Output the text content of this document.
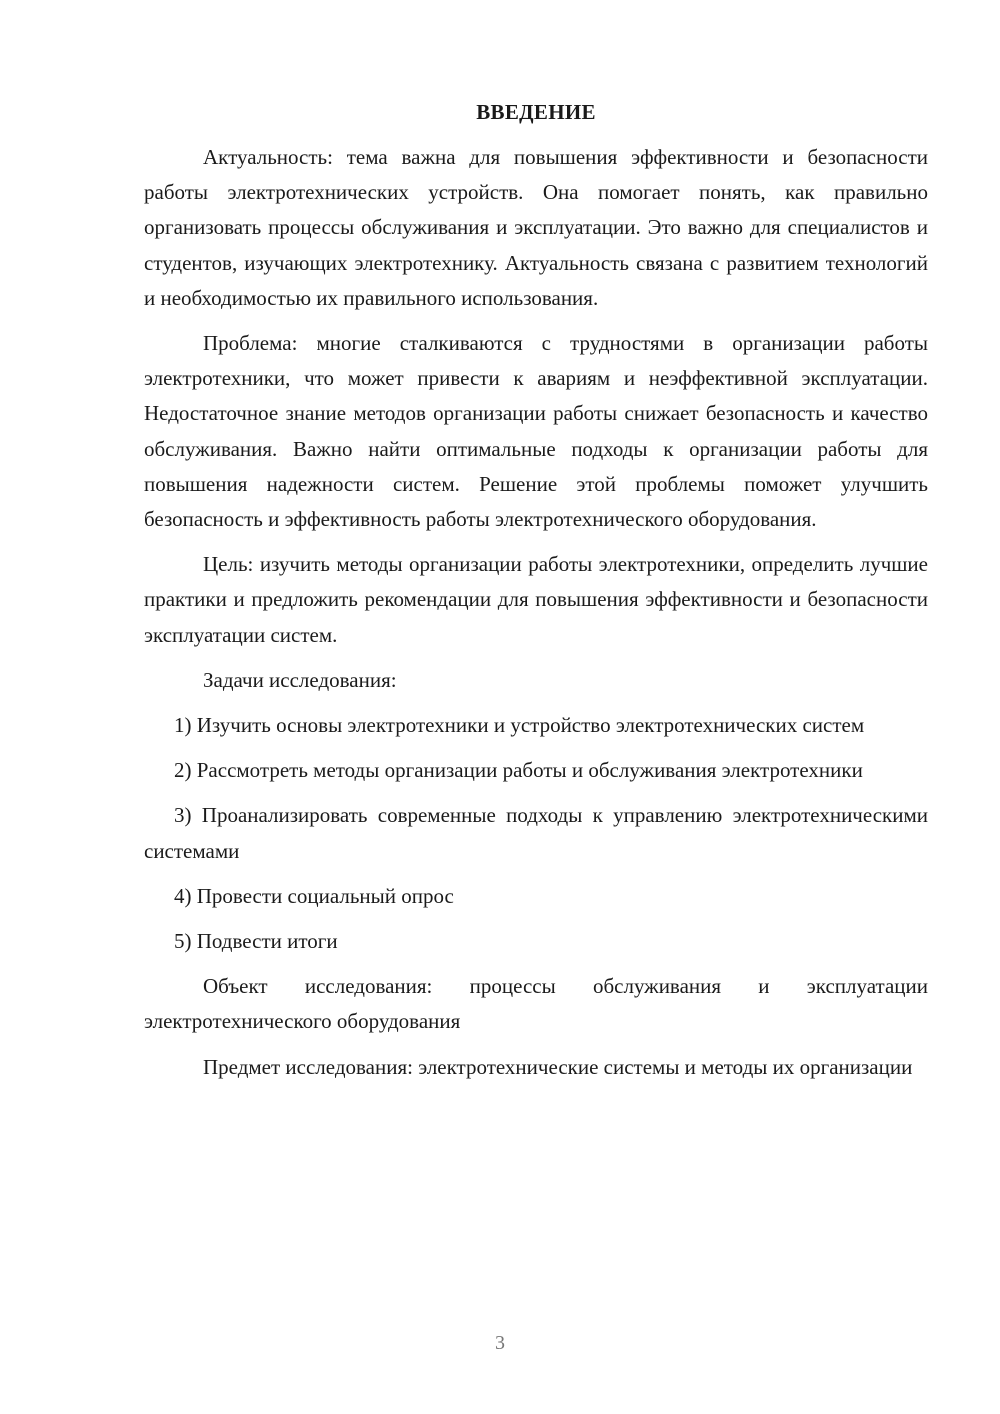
ВВЕДЕНИЕ

Актуальность: тема важна для повышения эффективности и безопасности работы электротехнических устройств. Она помогает понять, как правильно организовать процессы обслуживания и эксплуатации. Это важно для специалистов и студентов, изучающих электротехнику. Актуальность связана с развитием технологий и необходимостью их правильного использования.

Проблема: многие сталкиваются с трудностями в организации работы электротехники, что может привести к авариям и неэффективной эксплуатации. Недостаточное знание методов организации работы снижает безопасность и качество обслуживания. Важно найти оптимальные подходы к организации работы для повышения надежности систем. Решение этой проблемы поможет улучшить безопасность и эффективность работы электротехнического оборудования.

Цель: изучить методы организации работы электротехники, определить лучшие практики и предложить рекомендации для повышения эффективности и безопасности эксплуатации систем.

Задачи исследования:

1) Изучить основы электротехники и устройство электротехнических систем

2) Рассмотреть методы организации работы и обслуживания электротехники

3) Проанализировать современные подходы к управлению электротехническими системами

4) Провести социальный опрос

5) Подвести итоги

Объект исследования: процессы обслуживания и эксплуатации электротехнического оборудования

Предмет исследования: электротехнические системы и методы их организации

3
